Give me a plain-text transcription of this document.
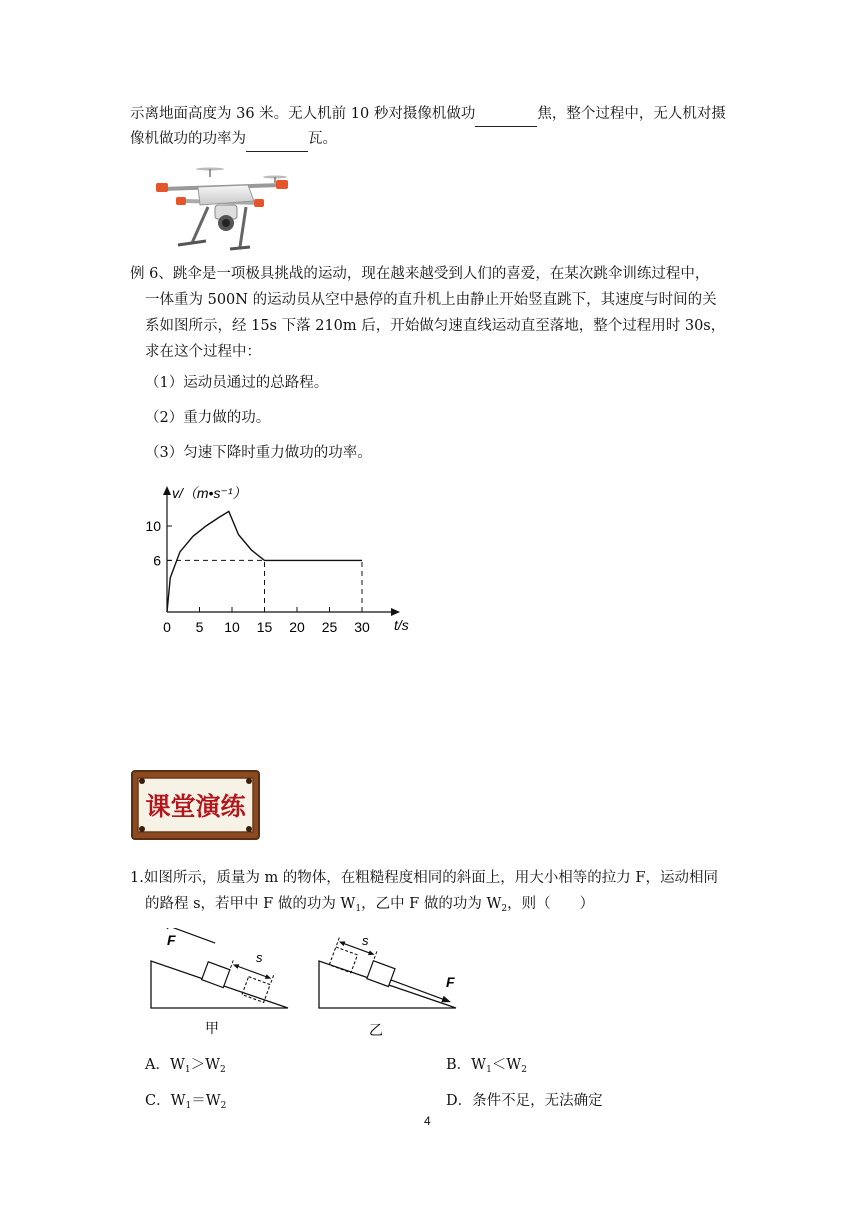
示离地面高度为 36 米。无人机前 10 秒对摄像机做功	焦，整个过程中，无人机对摄
像机做功的功率为	瓦。
例 6、跳伞是一项极具挑战的运动，现在越来越受到人们的喜爱，在某次跳伞训练过程中，
一体重为 500N 的运动员从空中悬停的直升机上由静止开始竖直跳下，其速度与时间的关
系如图所示，经 15s 下落 210m 后，开始做匀速直线运动直至落地，整个过程用时 30s，
求在这个过程中：
（1）运动员通过的总路程。
（2）重力做的功。
（3）匀速下降时重力做功的功率。
v/（m•s⁻¹）
t/s
0 5 10 15 20 25 30
6
10
课堂演练
1.如图所示，质量为 m 的物体，在粗糙程度相同的斜面上，用大小相等的拉力 F，运动相同
的路程 s，若甲中 F 做的功为 $W_1$，乙中 F 做的功为 $W_2$，则（　　）
F
s
甲
F
s
乙
A．$W_1>W_2$	B．$W_1<W_2$
C．$W_1=W_2$	D．条件不足，无法确定
4
